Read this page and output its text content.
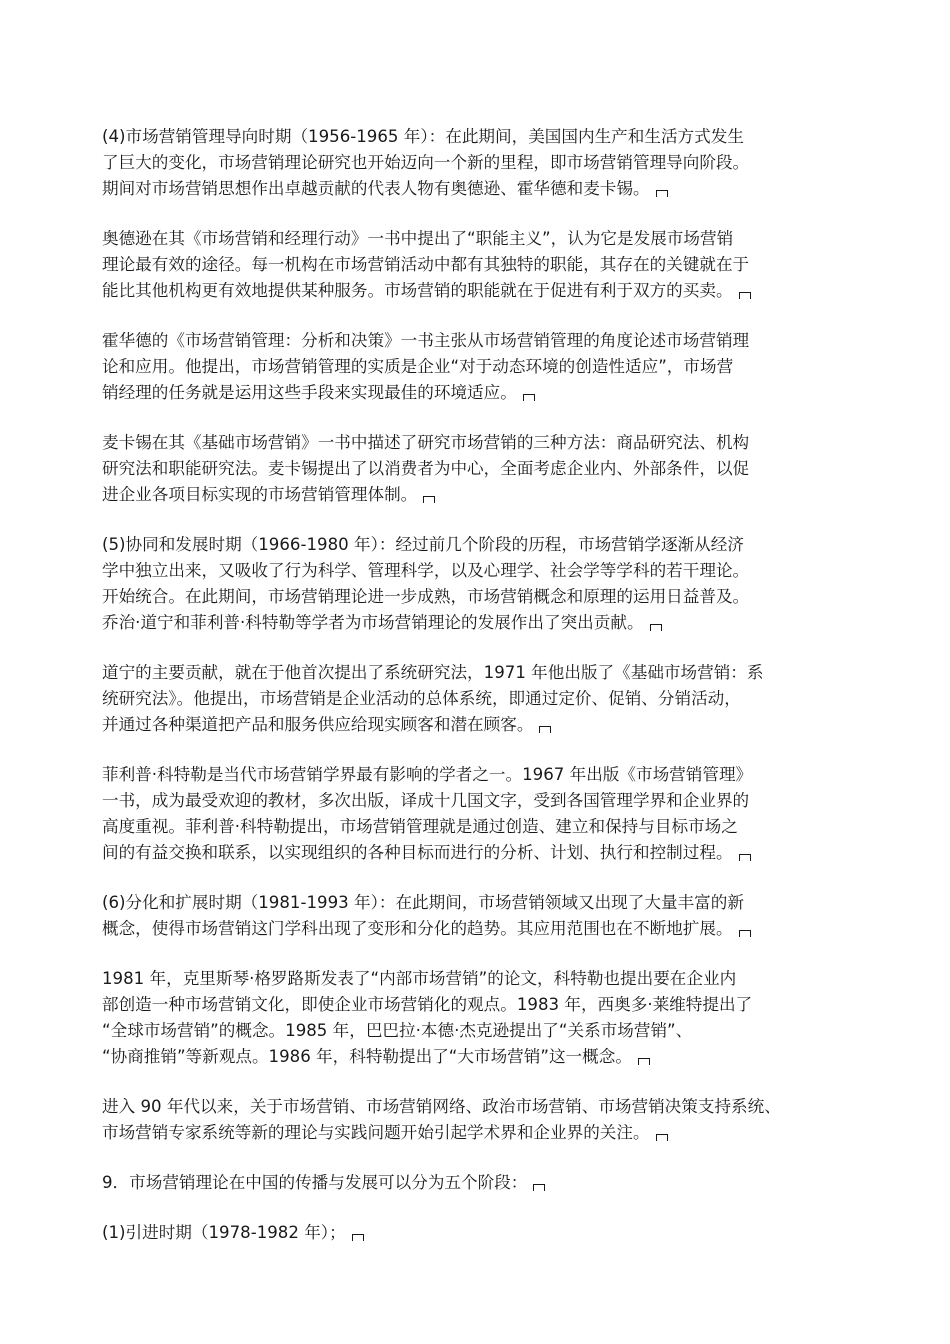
(4)市场营销管理导向时期（1956-1965 年）：在此期间，美国国内生产和生活方式发生
了巨大的变化，市场营销理论研究也开始迈向一个新的里程，即市场营销管理导向阶段。
期间对市场营销思想作出卓越贡献的代表人物有奥德逊、霍华德和麦卡锡。

奥德逊在其《市场营销和经理行动》一书中提出了“职能主义”，认为它是发展市场营销
理论最有效的途径。每一机构在市场营销活动中都有其独特的职能，其存在的关键就在于
能比其他机构更有效地提供某种服务。市场营销的职能就在于促进有利于双方的买卖。

霍华德的《市场营销管理：分析和决策》一书主张从市场营销管理的角度论述市场营销理
论和应用。他提出，市场营销管理的实质是企业“对于动态环境的创造性适应”，市场营
销经理的任务就是运用这些手段来实现最佳的环境适应。

麦卡锡在其《基础市场营销》一书中描述了研究市场营销的三种方法：商品研究法、机构
研究法和职能研究法。麦卡锡提出了以消费者为中心，全面考虑企业内、外部条件，以促
进企业各项目标实现的市场营销管理体制。

(5)协同和发展时期（1966-1980 年）：经过前几个阶段的历程，市场营销学逐渐从经济
学中独立出来，又吸收了行为科学、管理科学，以及心理学、社会学等学科的若干理论。
开始统合。在此期间，市场营销理论进一步成熟，市场营销概念和原理的运用日益普及。
乔治·道宁和菲利普·科特勒等学者为市场营销理论的发展作出了突出贡献。

道宁的主要贡献，就在于他首次提出了系统研究法，1971 年他出版了《基础市场营销：系
统研究法》。他提出，市场营销是企业活动的总体系统，即通过定价、促销、分销活动，
并通过各种渠道把产品和服务供应给现实顾客和潜在顾客。

菲利普·科特勒是当代市场营销学界最有影响的学者之一。1967 年出版《市场营销管理》
一书，成为最受欢迎的教材，多次出版，译成十几国文字，受到各国管理学界和企业界的
高度重视。菲利普·科特勒提出，市场营销管理就是通过创造、建立和保持与目标市场之
间的有益交换和联系，以实现组织的各种目标而进行的分析、计划、执行和控制过程。

(6)分化和扩展时期（1981-1993 年）：在此期间，市场营销领域又出现了大量丰富的新
概念，使得市场营销这门学科出现了变形和分化的趋势。其应用范围也在不断地扩展。

1981 年，克里斯琴·格罗路斯发表了“内部市场营销”的论文，科特勒也提出要在企业内
部创造一种市场营销文化，即使企业市场营销化的观点。1983 年，西奥多·莱维特提出了
“全球市场营销”的概念。1985 年，巴巴拉·本德·杰克逊提出了“关系市场营销”、
“协商推销”等新观点。1986 年，科特勒提出了“大市场营销”这一概念。

进入 90 年代以来，关于市场营销、市场营销网络、政治市场营销、市场营销决策支持系统、
市场营销专家系统等新的理论与实践问题开始引起学术界和企业界的关注。

9．市场营销理论在中国的传播与发展可以分为五个阶段：

(1)引进时期（1978-1982 年）；
